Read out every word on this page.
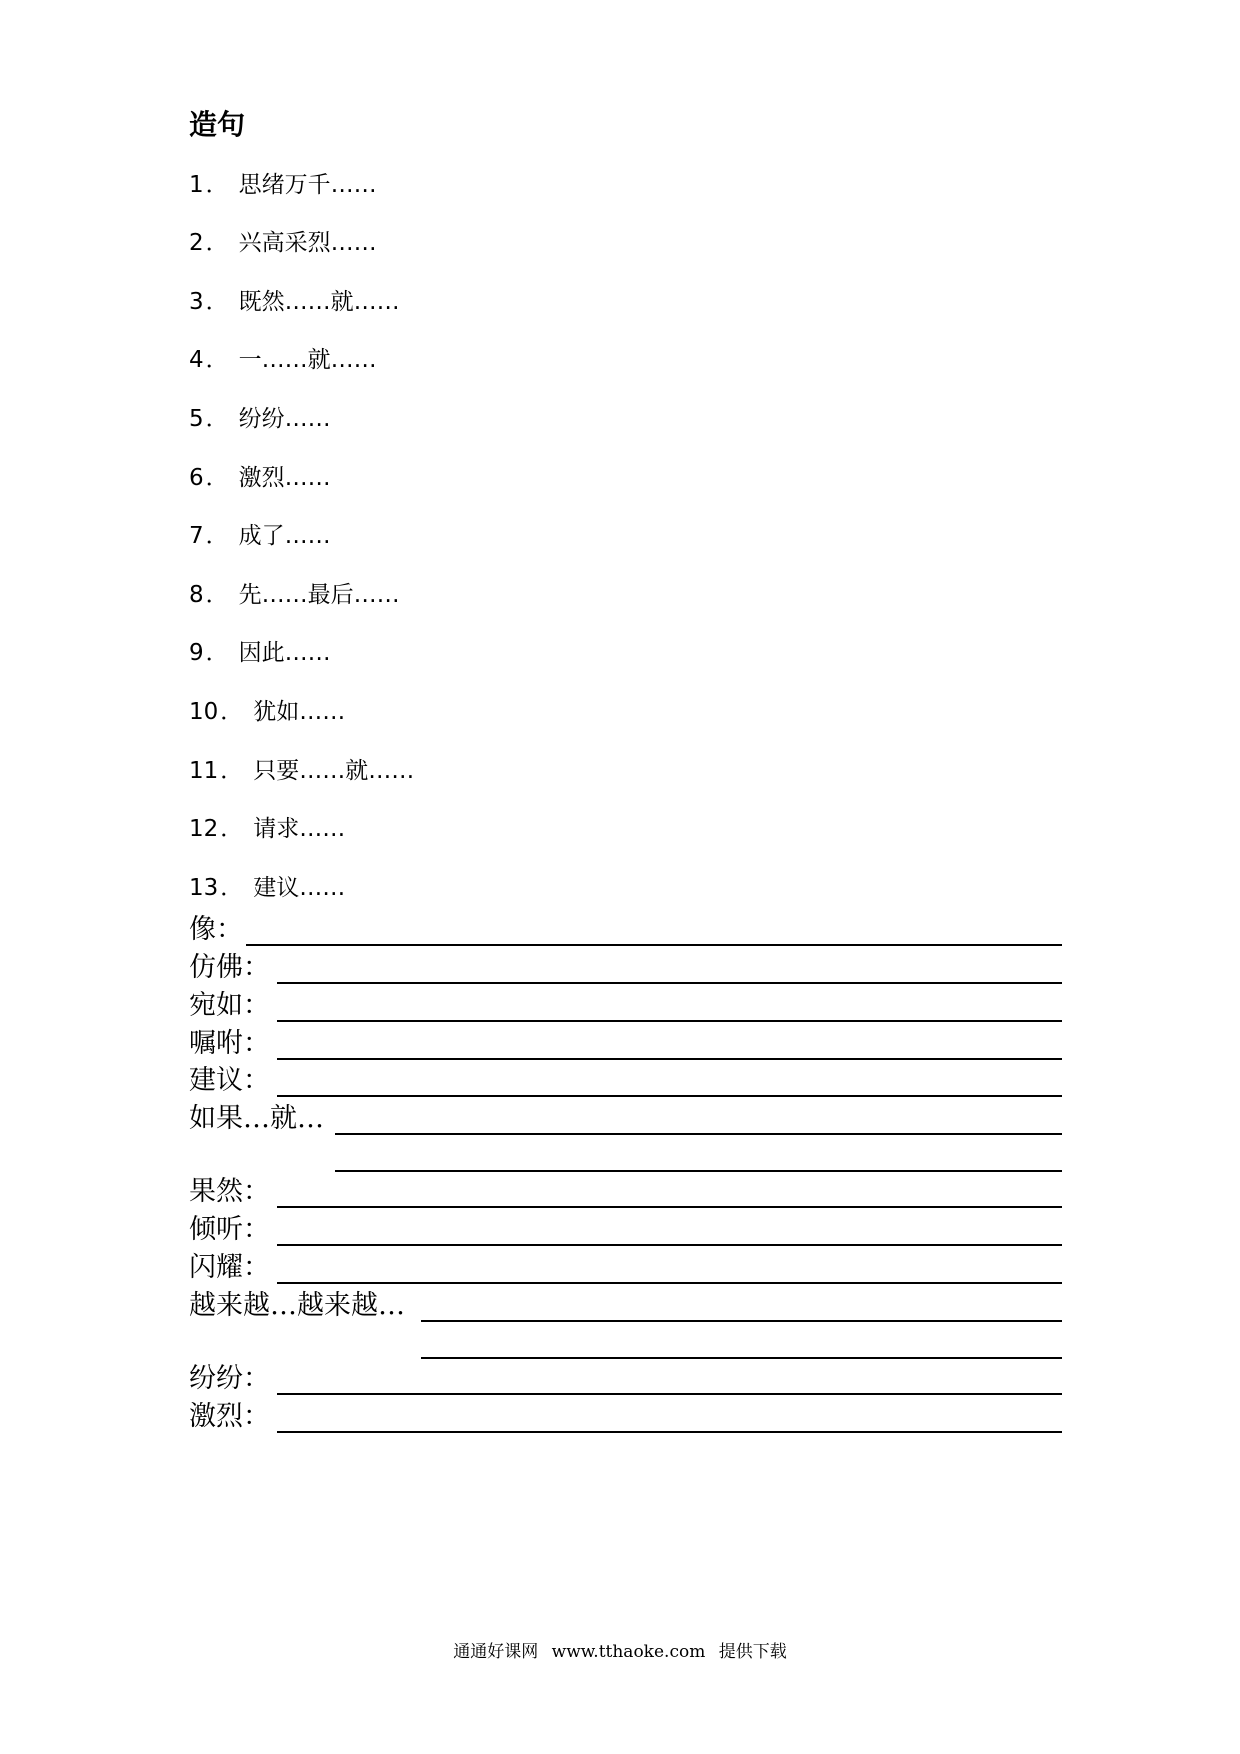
造句
1． 思绪万千……
2． 兴高采烈……
3． 既然……就……
4． 一……就……
5． 纷纷……
6． 激烈……
7． 成了……
8． 先……最后……
9． 因此……
10． 犹如……
11． 只要……就……
12． 请求……
13． 建议……
像：
仿佛：
宛如：
嘱咐：
建议：
如果…就…
果然：
倾听：
闪耀：
越来越…越来越…
纷纷：
激烈：
通通好课网 www.tthaoke.com 提供下载
